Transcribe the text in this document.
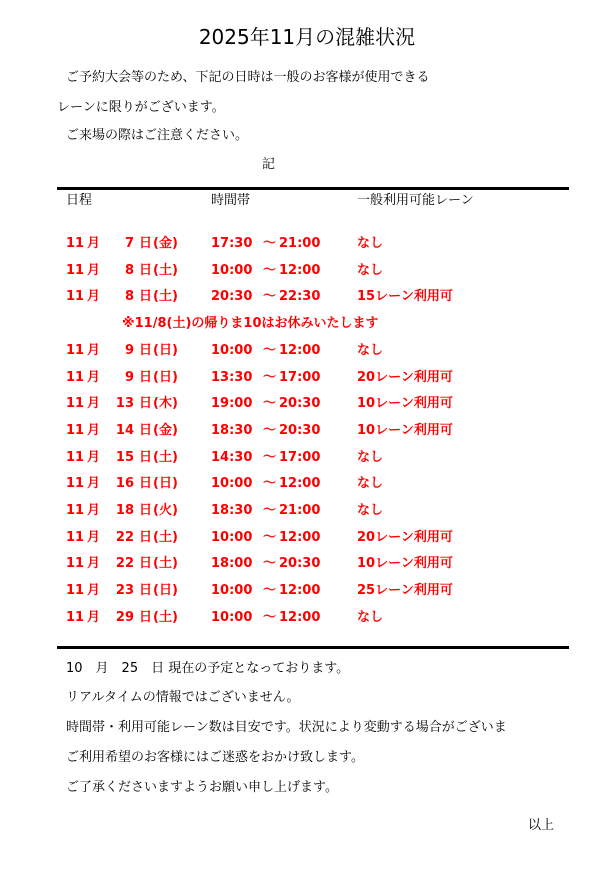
2025年11月の混雑状況
ご予約大会等のため、下記の日時は一般のお客様が使用できる
レーンに限りがございます。
ご来場の際はご注意ください。
記
日程	時間帯	一般利用可能レーン
11 月	7 日 (金)	17:30 ～ 21:00	なし
11 月	8 日 (土)	10:00 ～ 12:00	なし
11 月	8 日 (土)	20:30 ～ 22:30	15レーン利用可
※11/8(土)の帰りま10はお休みいたします
11 月	9 日 (日)	10:00 ～ 12:00	なし
11 月	9 日 (日)	13:30 ～ 17:00	20レーン利用可
11 月	13 日 (木)	19:00 ～ 20:30	10レーン利用可
11 月	14 日 (金)	18:30 ～ 20:30	10レーン利用可
11 月	15 日 (土)	14:30 ～ 17:00	なし
11 月	16 日 (日)	10:00 ～ 12:00	なし
11 月	18 日 (火)	18:30 ～ 21:00	なし
11 月	22 日 (土)	10:00 ～ 12:00	20レーン利用可
11 月	22 日 (土)	18:00 ～ 20:30	10レーン利用可
11 月	23 日 (日)	10:00 ～ 12:00	25レーン利用可
11 月	29 日 (土)	10:00 ～ 12:00	なし
10　月　25　日 現在の予定となっております。
リアルタイムの情報ではございません。
時間帯・利用可能レーン数は目安です。状況により変動する場合がございま
ご利用希望のお客様にはご迷惑をおかけ致します。
ご了承くださいますようお願い申し上げます。
以上
